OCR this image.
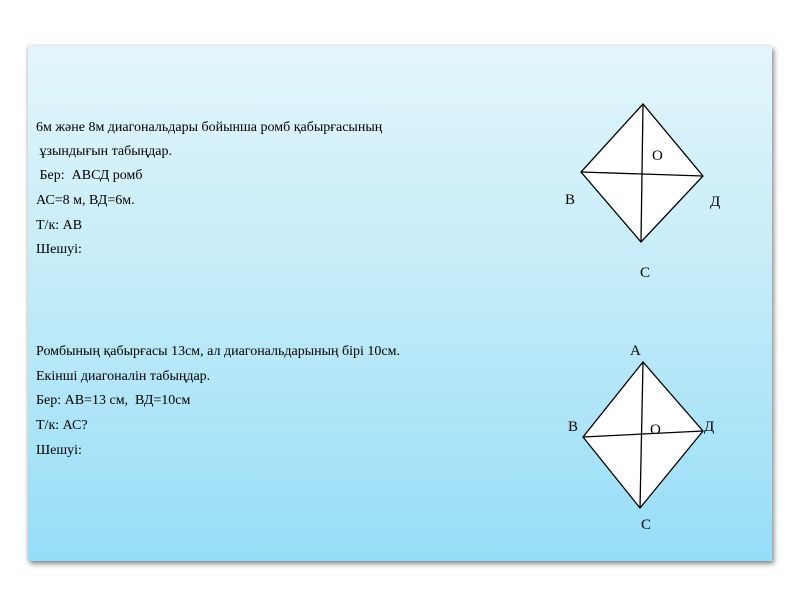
6м және 8м диагональдары бойынша ромб қабырғасының
ұзындығын табыңдар.
Бер:  АВСД ромб
АС=8 м, ВД=6м.
Т/к: АВ
Шешуі:
О
В	Д
С
Ромбының қабырғасы 13см, ал диагональдарының бірі 10см.
Екінші диагоналін табыңдар.
Бер: АВ=13 см,  ВД=10см
Т/к: АС?
Шешуі:
А
В	О	Д
С
